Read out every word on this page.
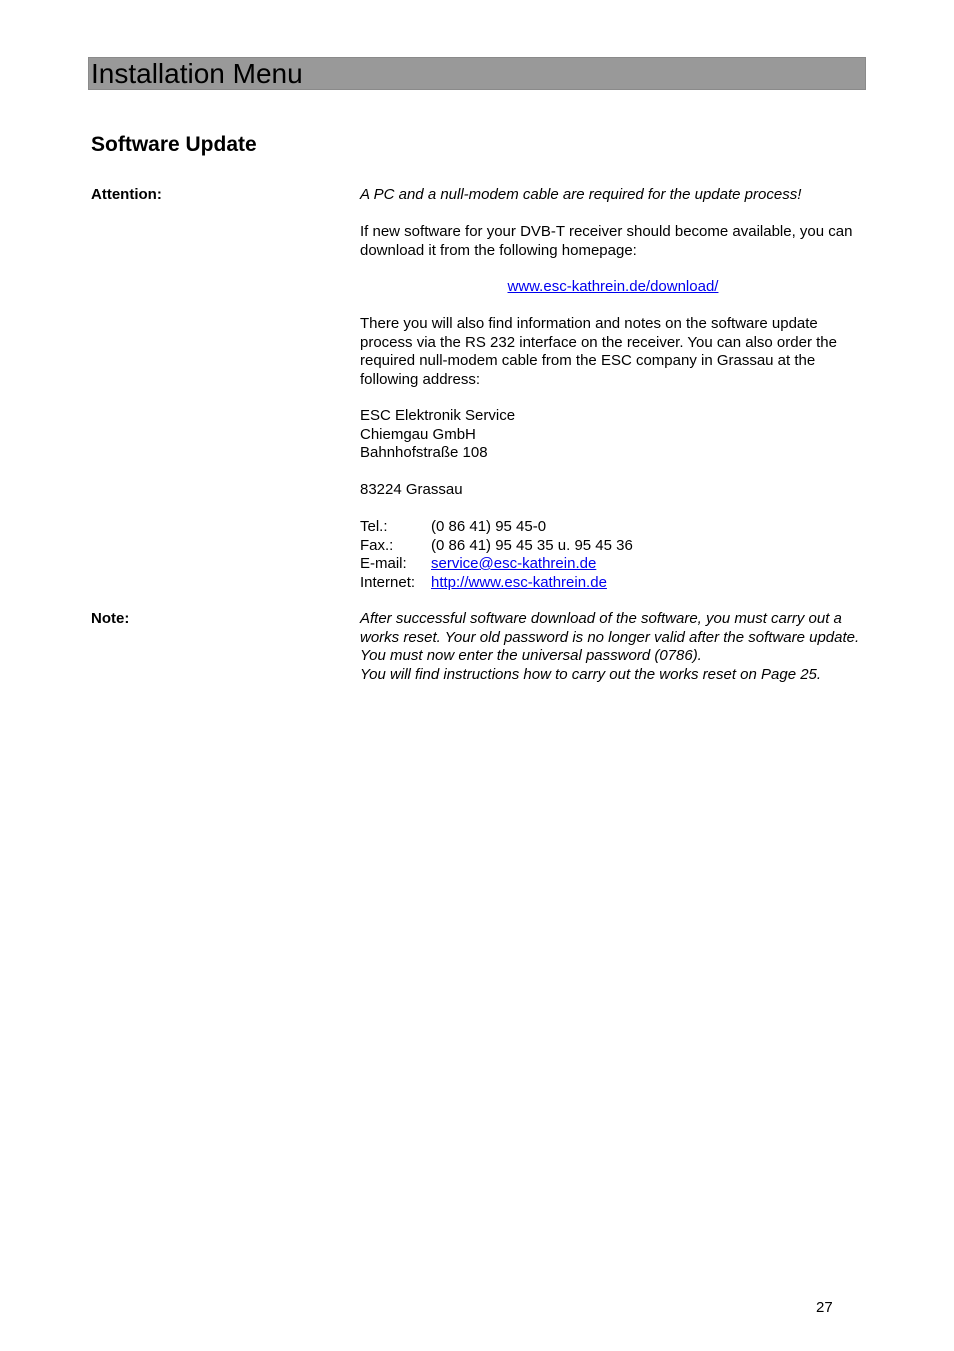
Installation Menu
Software Update
Attention:	A PC and a null-modem cable are required for the update process!
If new software for your DVB-T receiver should become available, you can download it from the following homepage:
www.esc-kathrein.de/download/
There you will also find information and notes on the software update process via the RS 232 interface on the receiver. You can also order the required null-modem cable from the ESC company in Grassau at the following address:

ESC Elektronik Service

Chiemgau GmbH

Bahnhofstraße 108

83224 Grassau
Tel.:	(0 86 41) 95 45-0
Fax.:	(0 86 41) 95 45 35 u. 95 45 36
E-mail: service@esc-kathrein.de
Internet: http://www.esc-kathrein.de
Note:	After successful software download of the software, you must carry out a works reset. Your old password is no longer valid after the software update. You must now enter the universal password (0786).

You will find instructions how to carry out the works reset on Page 25.

27
